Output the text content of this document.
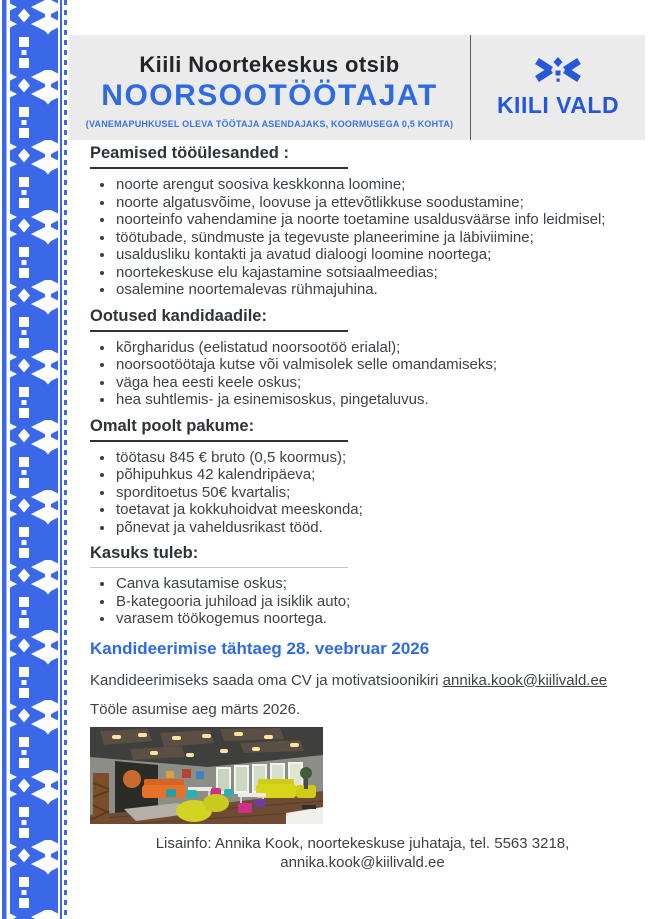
Kiili Noortekeskus otsib
NOORSOOTÖÖTAJAT
(VANEMAPUHKUSEL OLEVA TÖÖTAJA ASENDAJAKS, KOORMUSEGA 0,5 KOHTA)
KIILI VALD
Peamised tööülesanded :
• noorte arengut soosiva keskkonna loomine;
• noorte algatusvõime, loovuse ja ettevõtlikkuse soodustamine;
• noorteinfo vahendamine ja noorte toetamine usaldusväärse info leidmisel;
• töötubade, sündmuste ja tegevuste planeerimine ja läbiviimine;
• usaldusliku kontakti ja avatud dialoogi loomine noortega;
• noortekeskuse elu kajastamine sotsiaalmeedias;
• osalemine noortemalevas rühmajuhina.
Ootused kandidaadile:
• kõrgharidus (eelistatud noorsootöö erialal);
• noorsootöötaja kutse või valmisolek selle omandamiseks;
• väga hea eesti keele oskus;
• hea suhtlemis- ja esinemisoskus, pingetaluvus.
Omalt poolt pakume:
• töötasu 845 € bruto (0,5 koormus);
• põhipuhkus 42 kalendripäeva;
• sporditoetus 50€ kvartalis;
• toetavat ja kokkuhoidvat meeskonda;
• põnevat ja vaheldusrikast tööd.
Kasuks tuleb:
• Canva kasutamise oskus;
• B-kategooria juhiload ja isiklik auto;
• varasem töökogemus noortega.
Kandideerimise tähtaeg 28. veebruar 2026

Kandideerimiseks saada oma CV ja motivatsioonikiri annika.kook@kiilivald.ee

Tööle asumise aeg märts 2026.

Lisainfo: Annika Kook, noortekeskuse juhataja, tel. 5563 3218,
annika.kook@kiilivald.ee
